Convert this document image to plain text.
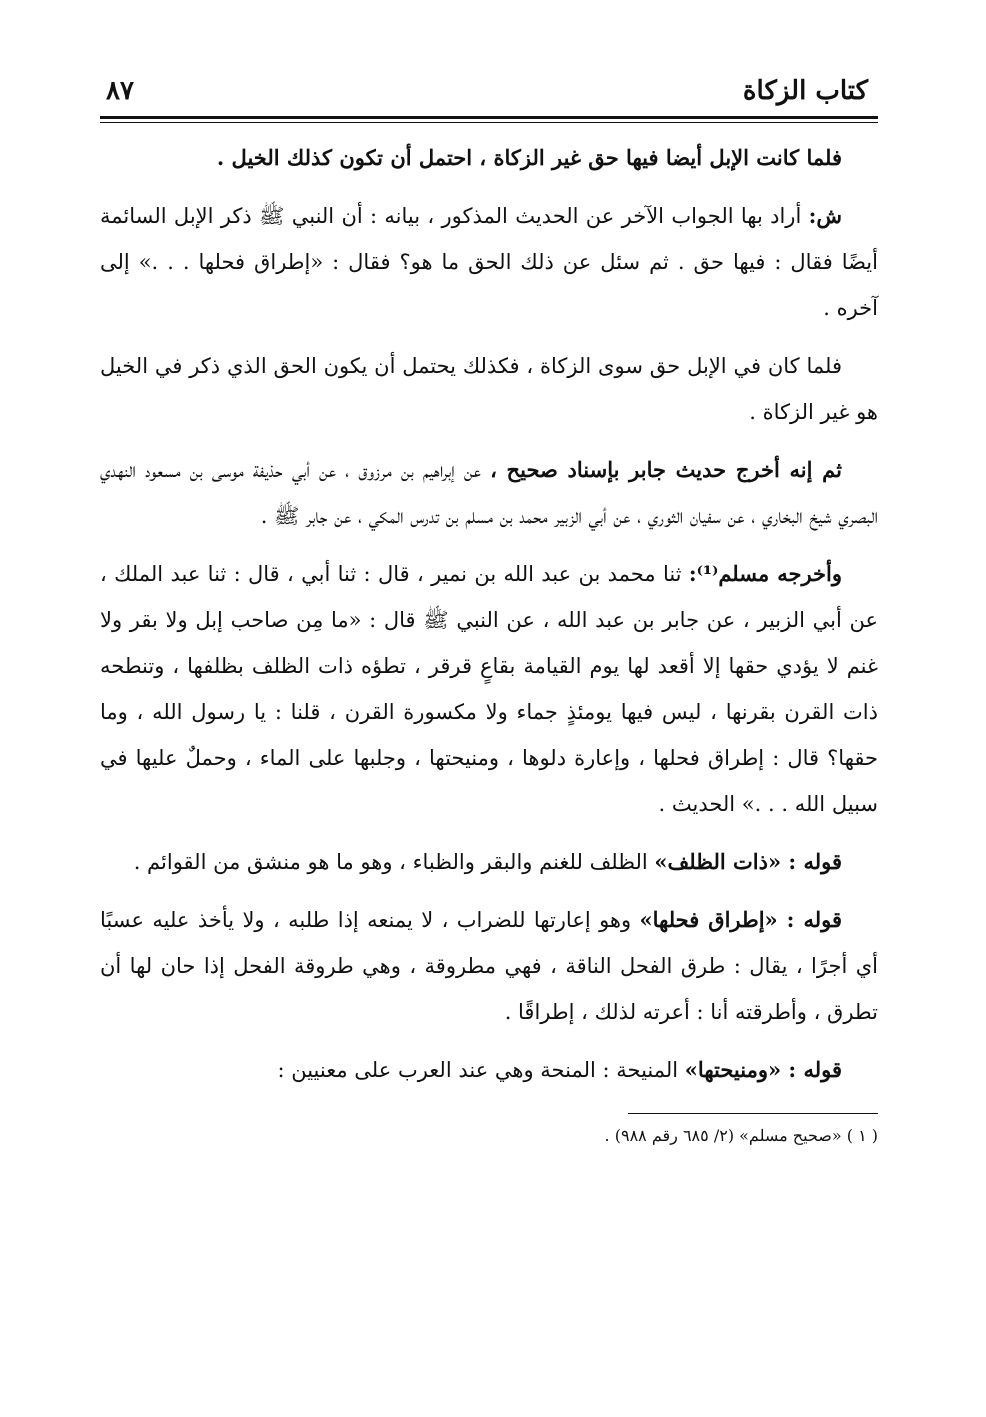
كتاب الزكاة
٨٧

فلما كانت الإبل أيضا فيها حق غير الزكاة ، احتمل أن تكون كذلك الخيل .

ش: أراد بها الجواب الآخر عن الحديث المذكور ، بيانه : أن النبي ﷺ ذكر الإبل السائمة أيضًا فقال : فيها حق . ثم سئل عن ذلك الحق ما هو؟ فقال : «إطراق فحلها . . .» إلى آخره .

فلما كان في الإبل حق سوى الزكاة ، فكذلك يحتمل أن يكون الحق الذي ذكر في الخيل هو غير الزكاة .

ثم إنه أخرج حديث جابر بإسناد صحيح ، عن إبراهيم بن مرزوق ، عن أبي حذيفة موسى بن مسعود النهدي البصري شيخ البخاري ، عن سفيان الثوري ، عن أبي الزبير محمد بن مسلم بن تدرس المكي ، عن جابر ﷺ .

وأخرجه مسلم⁽¹⁾: ثنا محمد بن عبد الله بن نمير ، قال : ثنا أبي ، قال : ثنا عبد الملك ، عن أبي الزبير ، عن جابر بن عبد الله ، عن النبي ﷺ قال : «ما مِن صاحب إبل ولا بقر ولا غنم لا يؤدي حقها إلا أقعد لها يوم القيامة بقاعٍ قرقر ، تطؤه ذات الظلف بظلفها ، وتنطحه ذات القرن بقرنها ، ليس فيها يومئذٍ جماء ولا مكسورة القرن ، قلنا : يا رسول الله ، وما حقها؟ قال : إطراق فحلها ، وإعارة دلوها ، ومنيحتها ، وجلبها على الماء ، وحملٌ عليها في سبيل الله . . .» الحديث .

قوله : «ذات الظلف» الظلف للغنم والبقر والظباء ، وهو ما هو منشق من القوائم .

قوله : «إطراق فحلها» وهو إعارتها للضراب ، لا يمنعه إذا طلبه ، ولا يأخذ عليه عسبًا أي أجرًا ، يقال : طرق الفحل الناقة ، فهي مطروقة ، وهي طروقة الفحل إذا حان لها أن تطرق ، وأطرقته أنا : أعرته لذلك ، إطراقًا .

قوله : «ومنيحتها» المنيحة : المنحة وهي عند العرب على معنيين :

( ١ ) «صحيح مسلم» (٢/ ٦٨٥ رقم ٩٨٨) .
